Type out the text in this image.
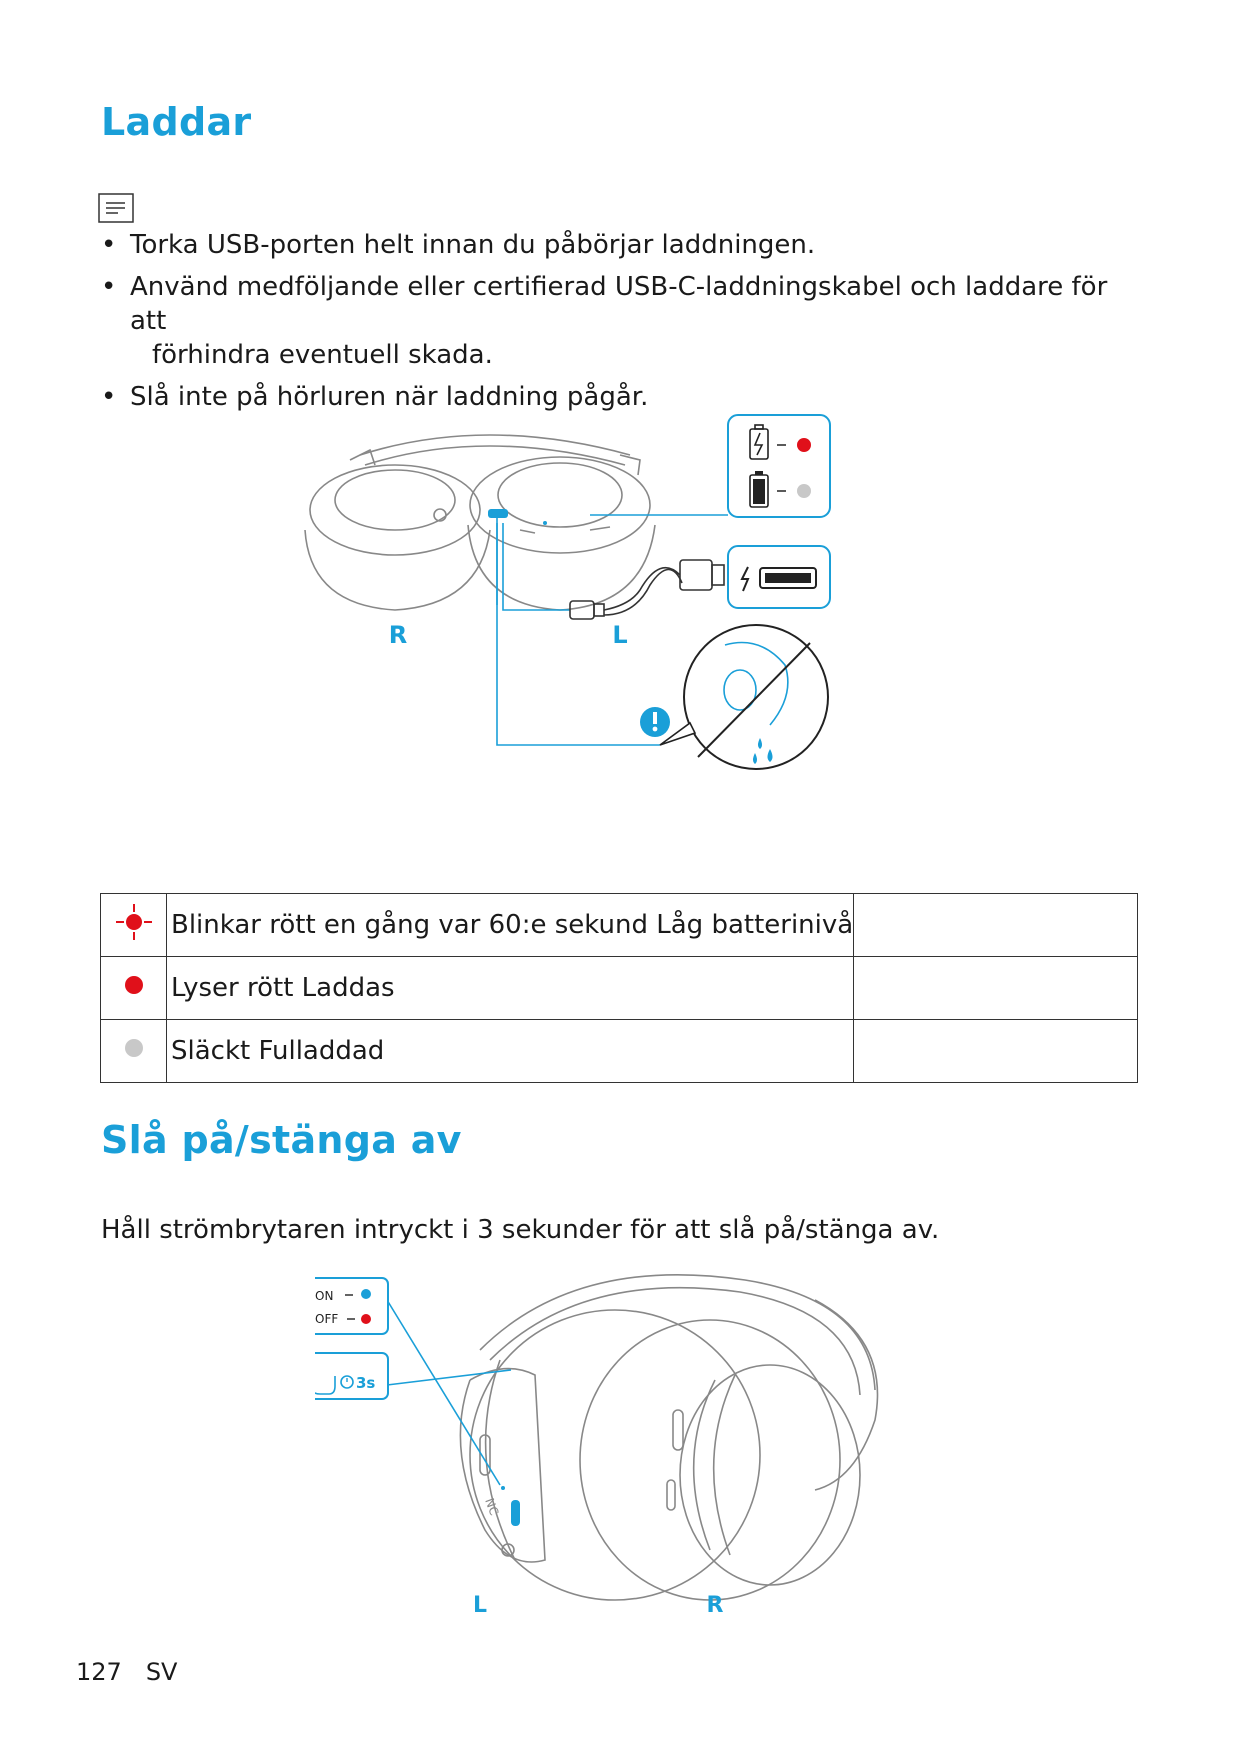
Laddar
• Torka USB-porten helt innan du påbörjar laddningen.
• Använd medföljande eller certifierad USB-C-laddningskabel och laddare för att
förhindra eventuell skada.
• Slå inte på hörluren när laddning pågår.
R	L
	Blinkar rött en gång var 60:e sekund Låg batterinivå	
	Lyser rött Laddas	
	Släckt Fulladdad	
Slå på/stänga av

Håll strömbrytaren intryckt i 3 sekunder för att slå på/stänga av.

NC
ON
OFF
3s
L	R
127 SV
